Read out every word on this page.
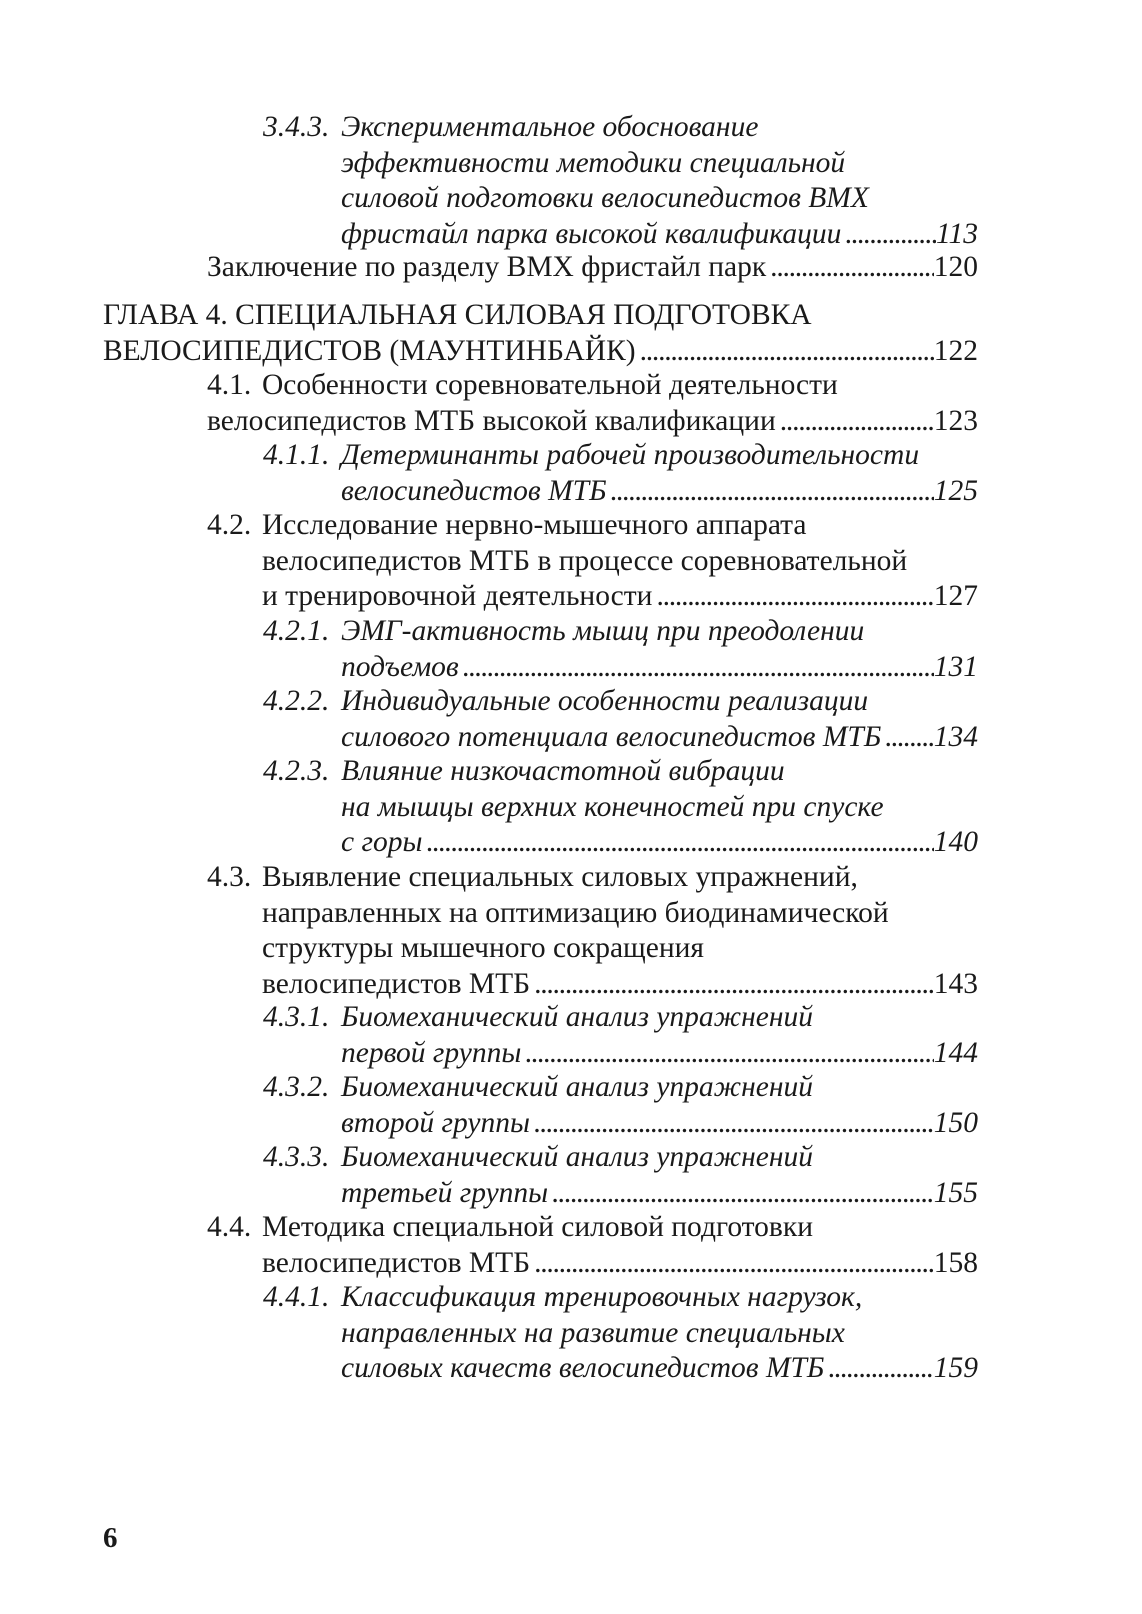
3.4.3. Экспериментальное обоснование
эффективности методики специальной
силовой подготовки велосипедистов ВМХ
фристайл парка высокой квалификации . . .	113
Заключение по разделу ВМХ фристайл парк . . .	120
ГЛАВА 4. СПЕЦИАЛЬНАЯ СИЛОВАЯ ПОДГОТОВКА
ВЕЛОСИПЕДИСТОВ (МАУНТИНБАЙК) . . .	122
4.1. Особенности соревновательной деятельности
велосипедистов МТБ высокой квалификации . . .	123
4.1.1. Детерминанты рабочей производительности
велосипедистов МТБ . . .	125
4.2. Исследование нервно-мышечного аппарата
велосипедистов МТБ в процессе соревновательной
и тренировочной деятельности . . .	127
4.2.1. ЭМГ-активность мышц при преодолении
подъемов . . .	131
4.2.2. Индивидуальные особенности реализации
силового потенциала велосипедистов МТБ . . . 134
4.2.3. Влияние низкочастотной вибрации
на мышцы верхних конечностей при спуске
с горы . . .	140
4.3. Выявление специальных силовых упражнений,
направленных на оптимизацию биодинамической
структуры мышечного сокращения
велосипедистов МТБ . . .	143
4.3.1. Биомеханический анализ упражнений
первой группы . . .	144
4.3.2. Биомеханический анализ упражнений
второй группы . . .	150
4.3.3. Биомеханический анализ упражнений
третьей группы . . .	155
4.4. Методика специальной силовой подготовки
велосипедистов МТБ . . .	158
4.4.1. Классификация тренировочных нагрузок,
направленных на развитие специальных
силовых качеств велосипедистов МТБ . . .	159
6
